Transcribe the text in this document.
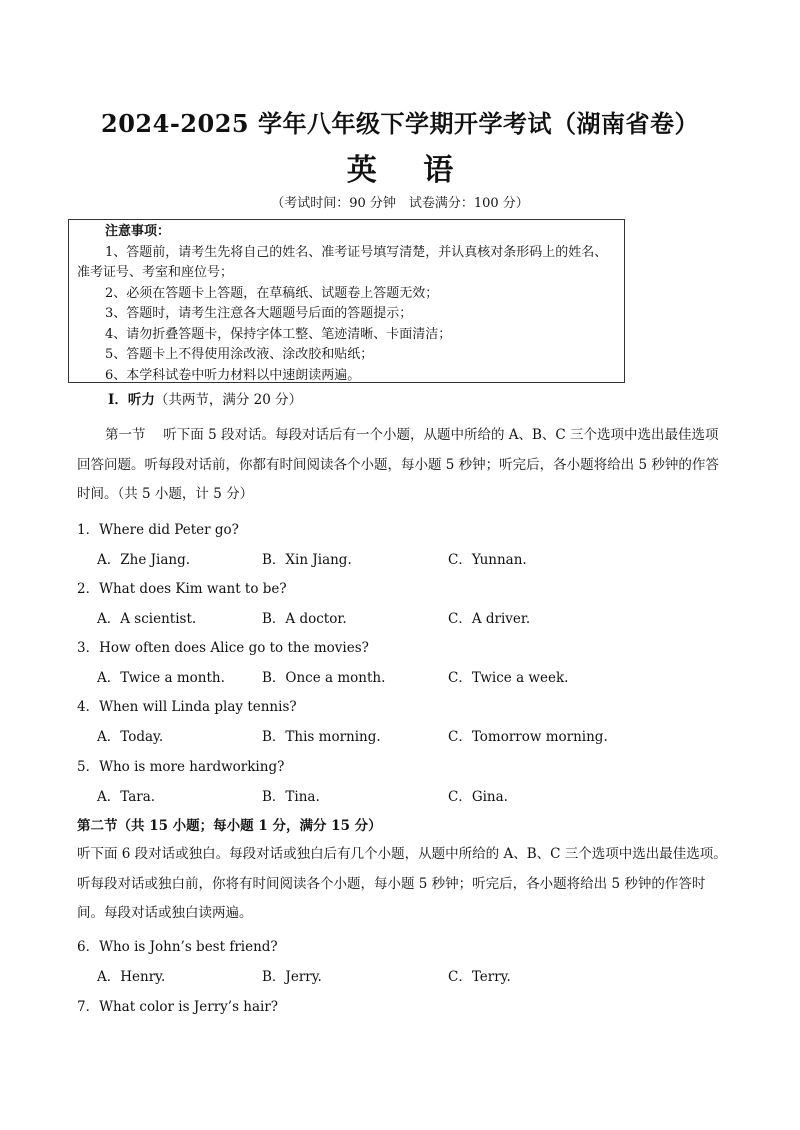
2024-2025 学年八年级下学期开学考试（湖南省卷）
英 语
（考试时间：90 分钟　试卷满分：100 分）
注意事项：
1、答题前，请考生先将自己的姓名、准考证号填写清楚，并认真核对条形码上的姓名、准考证号、考室和座位号；
2、必须在答题卡上答题，在草稿纸、试题卷上答题无效；
3、答题时，请考生注意各大题题号后面的答题提示；
4、请勿折叠答题卡，保持字体工整、笔迹清晰、卡面清洁；
5、答题卡上不得使用涂改液、涂改胶和贴纸；
6、本学科试卷中听力材料以中速朗读两遍。
I．听力（共两节，满分 20 分）
第一节　 听下面 5 段对话。每段对话后有一个小题，从题中所给的 A、B、C 三个选项中选出最佳选项回答问题。听每段对话前，你都有时间阅读各个小题，每小题 5 秒钟；听完后，各小题将给出 5 秒钟的作答时间。（共 5 小题，计 5 分）
1．Where did Peter go?
A．Zhe Jiang.	B．Xin Jiang.	C．Yunnan.
2．What does Kim want to be?
A．A scientist.	B．A doctor.	C．A driver.
3．How often does Alice go to the movies?
A．Twice a month.	B．Once a month.	C．Twice a week.
4．When will Linda play tennis?
A．Today.	B．This morning.	C．Tomorrow morning.
5．Who is more hardworking?
A．Tara.	B．Tina.	C．Gina.
第二节（共 15 小题；每小题 1 分，满分 15 分）
听下面 6 段对话或独白。每段对话或独白后有几个小题，从题中所给的 A、B、C 三个选项中选出最佳选项。听每段对话或独白前，你将有时间阅读各个小题，每小题 5 秒钟；听完后，各小题将给出 5 秒钟的作答时间。每段对话或独白读两遍。
6．Who is John’s best friend?
A．Henry.	B．Jerry.	C．Terry.
7．What color is Jerry’s hair?
